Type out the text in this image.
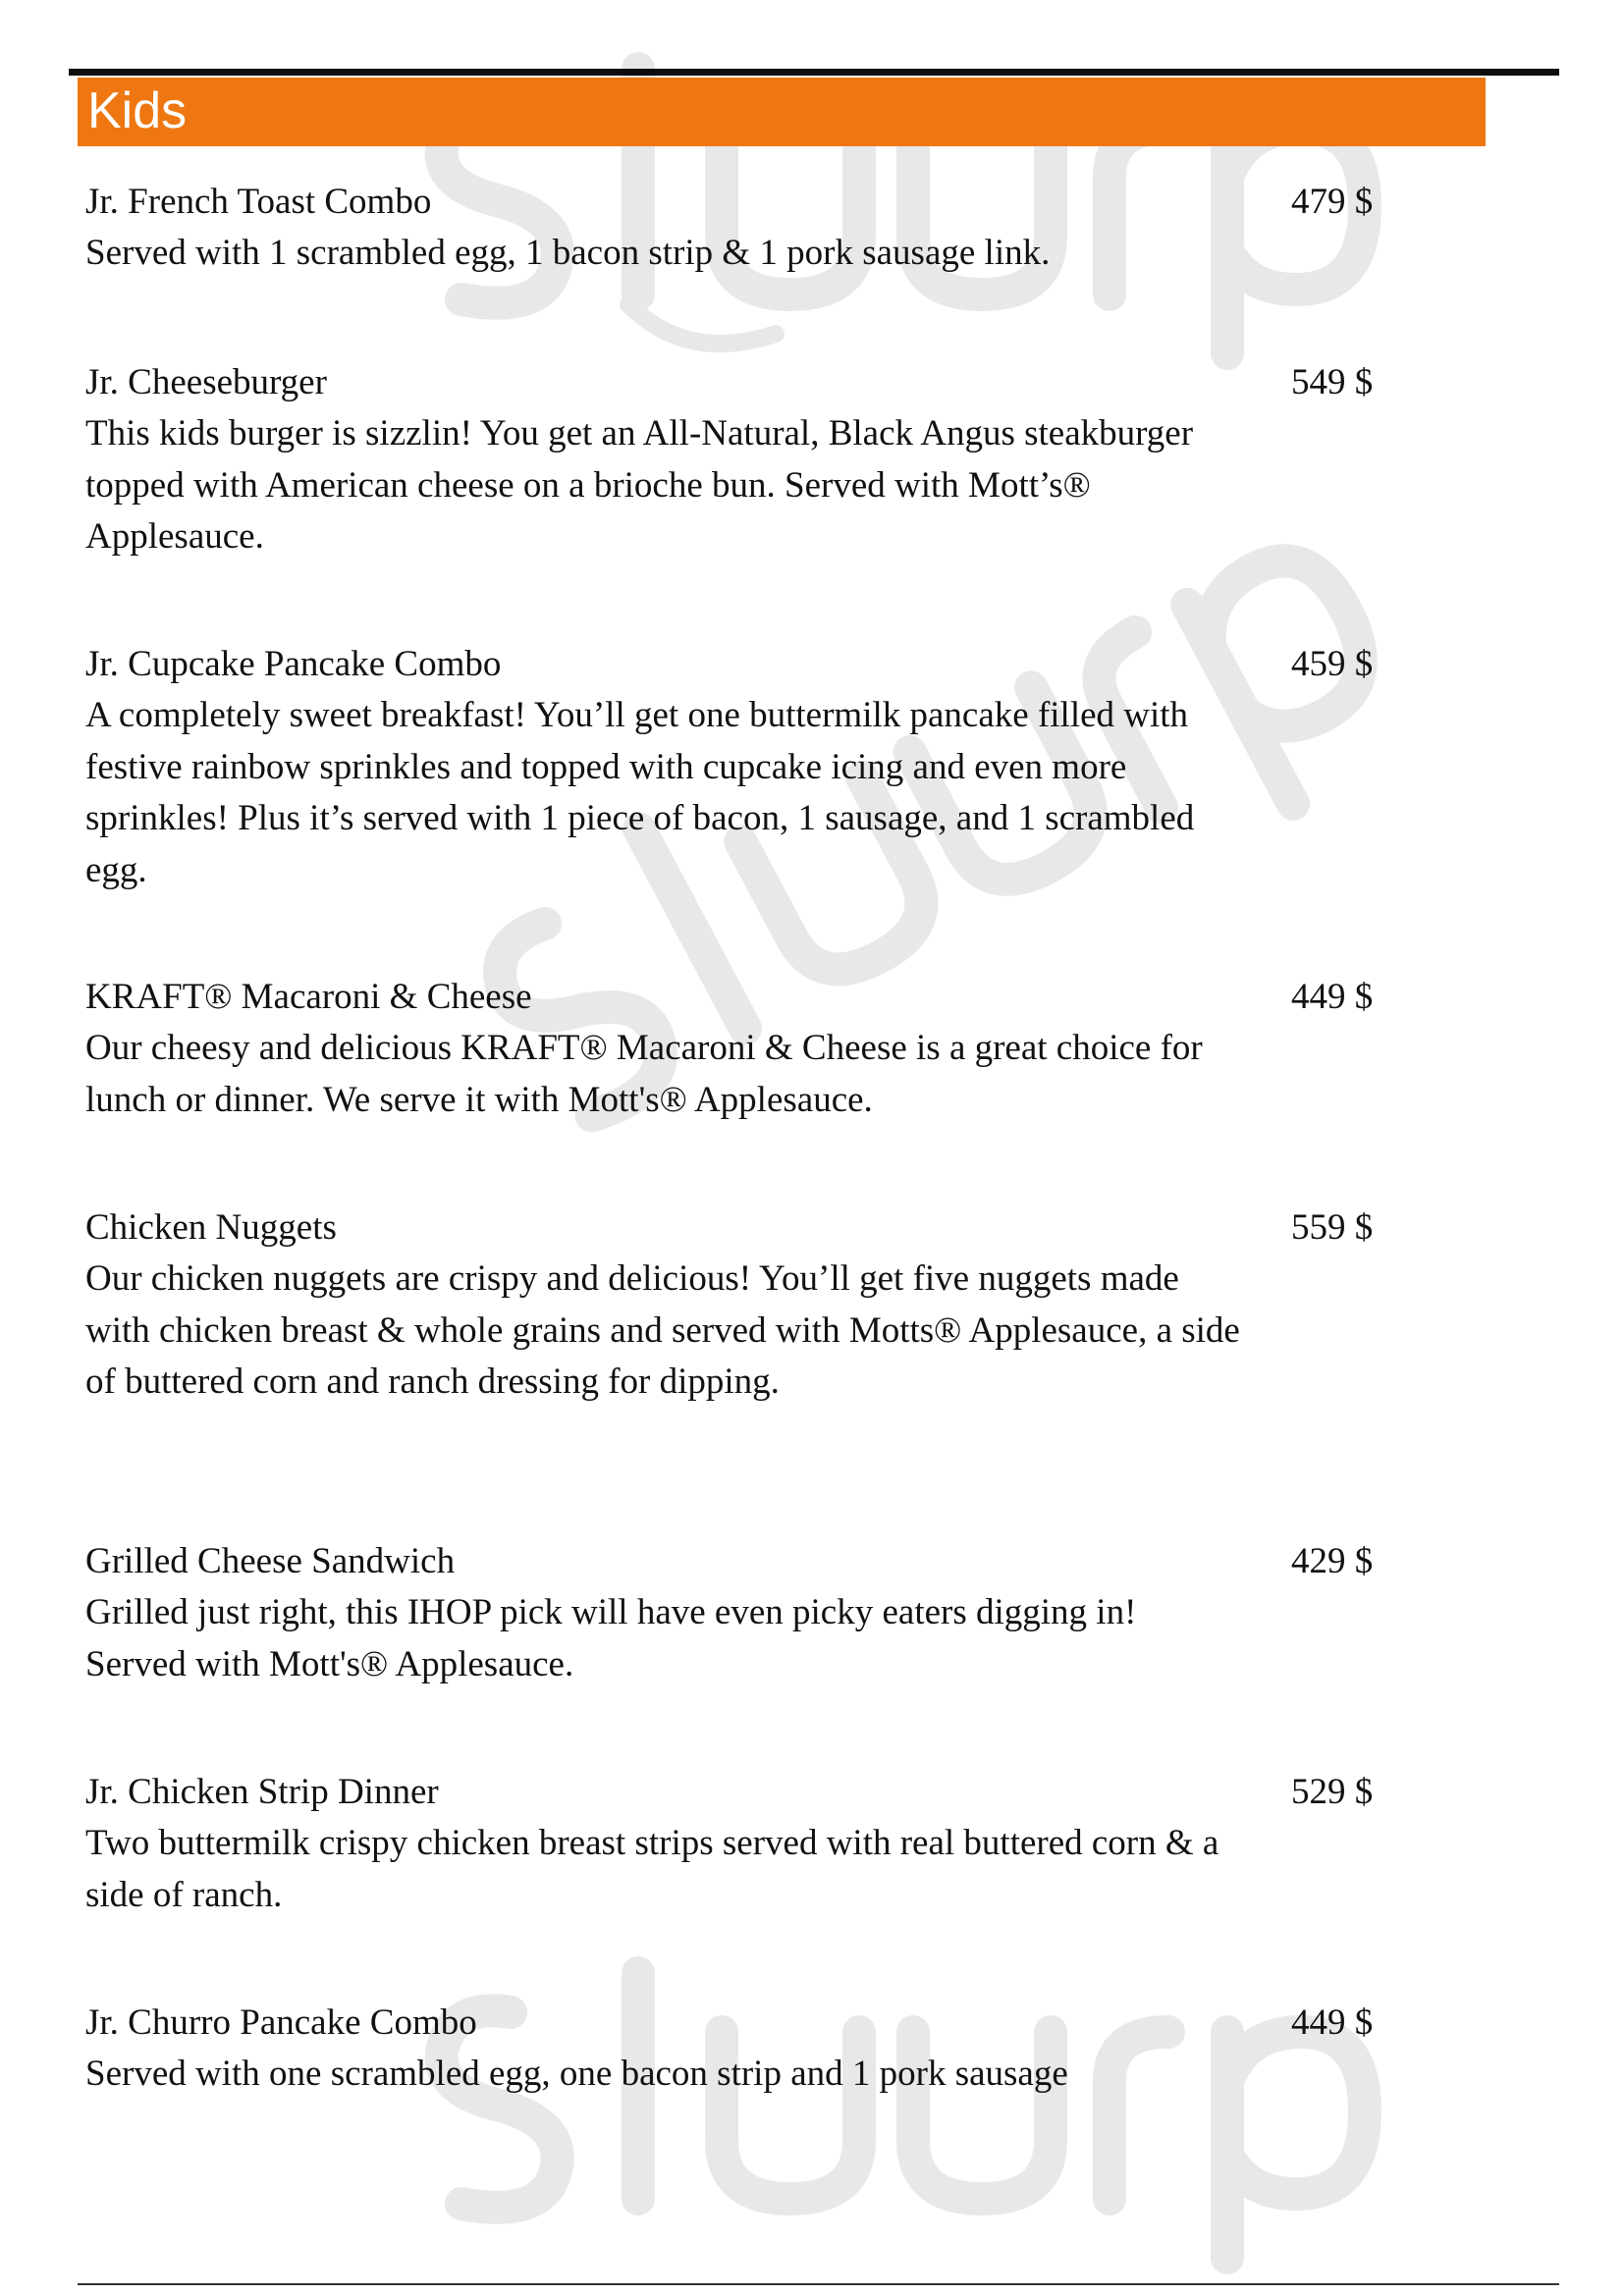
Kids
Jr. French Toast Combo
Served with 1 scrambled egg, 1 bacon strip & 1 pork sausage link.
479 $
Jr. Cheeseburger
This kids burger is sizzlin! You get an All-Natural, Black Angus steakburger topped with American cheese on a brioche bun. Served with Mott’s® Applesauce.
549 $
Jr. Cupcake Pancake Combo
A completely sweet breakfast! You’ll get one buttermilk pancake filled with festive rainbow sprinkles and topped with cupcake icing and even more sprinkles! Plus it’s served with 1 piece of bacon, 1 sausage, and 1 scrambled egg.
459 $
KRAFT® Macaroni & Cheese
Our cheesy and delicious KRAFT® Macaroni & Cheese is a great choice for lunch or dinner. We serve it with Mott's® Applesauce.
449 $
Chicken Nuggets
Our chicken nuggets are crispy and delicious! You’ll get five nuggets made with chicken breast & whole grains and served with Motts® Applesauce, a side of buttered corn and ranch dressing for dipping.
559 $
Grilled Cheese Sandwich
Grilled just right, this IHOP pick will have even picky eaters digging in! Served with Mott's® Applesauce.
429 $
Jr. Chicken Strip Dinner
Two buttermilk crispy chicken breast strips served with real buttered corn & a side of ranch.
529 $
Jr. Churro Pancake Combo
Served with one scrambled egg, one bacon strip and 1 pork sausage
449 $
